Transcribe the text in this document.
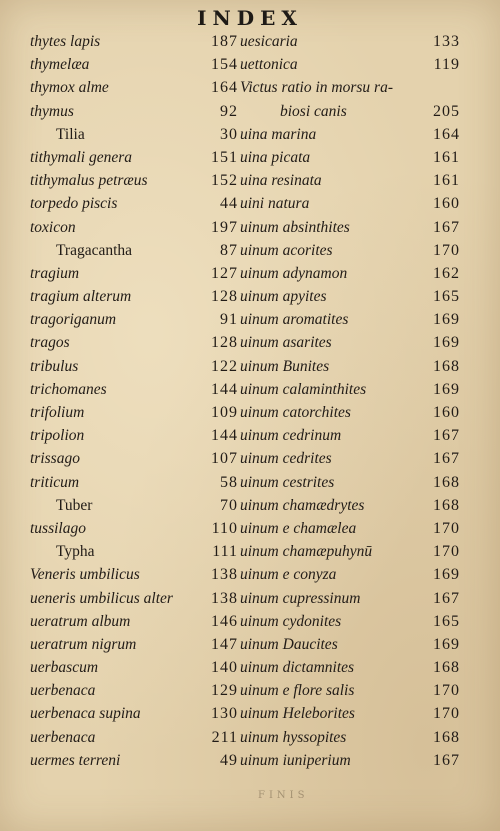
INDEX
thytes lapis	187
thymelæa	154
thymox alme	164
thymus	92
Tilia	30
tithymali genera	151
tithymalus petræus	152
torpedo piscis	44
toxicon	197
Tragacantha	87
tragium	127
tragium alterum	128
tragoriganum	91
tragos	128
tribulus	122
trichomanes	144
trifolium	109
tripolion	144
trissago	107
triticum	58
Tuber	70
tussilago	110
Typha	111
Veneris umbilicus	138
ueneris umbilicus alter 138
ueratrum album	146
ueratrum nigrum	147
uerbascum	140
uerbenaca	129
uerbenaca supina	130
uerbenaca	211
uermes terreni	49
uesicaria	133
uettonica	119
Victus ratio in morsu ra-
biosi canis	205
uina marina	164
uina picata	161
uina resinata	161
uini natura	160
uinum absinthites	167
uinum acorites	170
uinum adynamon	162
uinum apyites	165
uinum aromatites	169
uinum asarites	169
uinum Bunites	168
uinum calaminthites	169
uinum catorchites	160
uinum cedrinum	167
uinum cedrites	167
uinum cestrites	168
uinum chamædrytes	168
uinum e chamælea	170
uinum chamæpuhynū	170
uinum e conyza	169
uinum cupressinum	167
uinum cydonites	165
uinum Daucites	169
uinum dictamnites	168
uinum e flore salis	170
uinum Heleborites	170
uinum hyssopites	168
uinum iuniperium	167
FINIS
